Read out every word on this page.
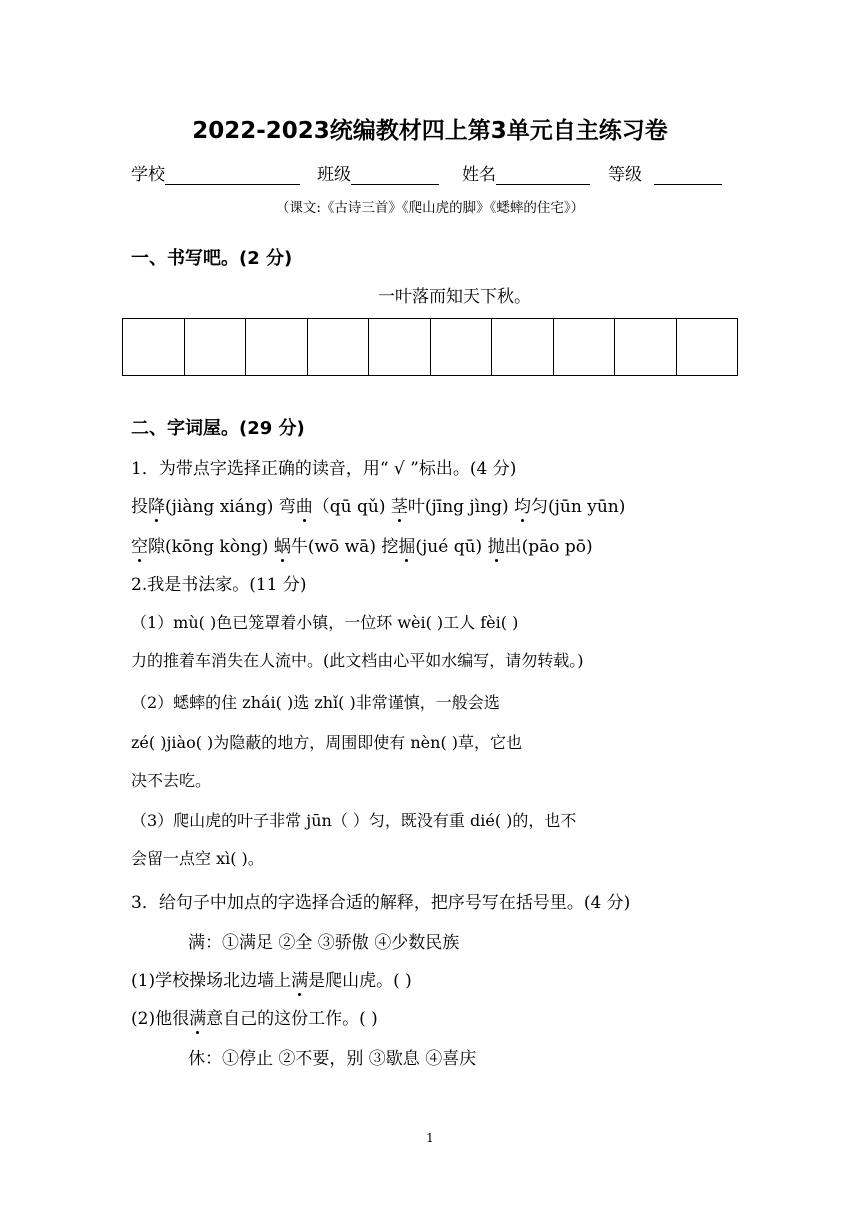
2022-2023统编教材四上第3单元自主练习卷
学校	班级	姓名	等级
（课文:《古诗三首》《爬山虎的脚》《蟋蟀的住宅》）
一、书写吧。(2 分)
一叶落而知天下秋。
二、字词屋。(29 分)
1．为带点字选择正确的读音，用“ √ ”标出。(4 分)
投降(jiàng xiáng) 弯曲（qū qǔ) 茎叶(jīng jìng) 均匀(jūn yūn)
空隙(kōng kòng) 蜗牛(wō wā) 挖掘(jué qū) 抛出(pāo pō)
2.我是书法家。(11 分)
（1）mù( )色已笼罩着小镇，一位环 wèi( )工人 fèi( )
力的推着车消失在人流中。(此文档由心平如水编写，请勿转载。)
（2）蟋蟀的住 zhái( )选 zhǐ( )非常谨慎，一般会选
zé( )jiào( )为隐蔽的地方，周围即使有 nèn( )草，它也
决不去吃。
（3）爬山虎的叶子非常 jūn（ ）匀，既没有重 dié( )的，也不
会留一点空 xì( )。
3．给句子中加点的字选择合适的解释，把序号写在括号里。(4 分)
满：①满足 ②全 ③骄傲 ④少数民族
(1)学校操场北边墙上满是爬山虎。( )
(2)他很满意自己的这份工作。( )
休：①停止 ②不要，别 ③歇息 ④喜庆
1
